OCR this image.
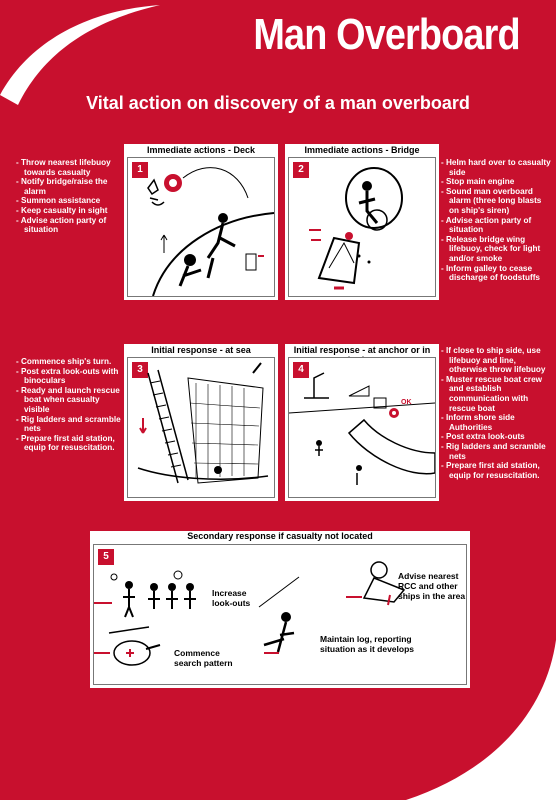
Man Overboard
Vital action on discovery of a man overboard
Immediate actions - Deck
1
- Throw nearest lifebuoy towards casualty
- Notify bridge/raise the alarm
- Summon assistance
- Keep casualty in sight
- Advise action party of situation
Immediate actions - Bridge
2
- Helm hard over to casualty side
- Stop main engine
- Sound man overboard alarm (three long blasts on ship's siren)
- Advise action party of situation
- Release bridge wing lifebuoy, check for light and/or smoke
- Inform galley to cease discharge of foodstuffs
Initial response - at sea
3
- Commence ship's turn.
- Post extra look-outs with binoculars
- Ready and launch rescue boat when casualty visible
- Rig ladders and scramble nets
- Prepare first aid station, equip for resuscitation.
Initial response - at anchor or in
4
OK
- If close to ship side, use lifebuoy and line, otherwise throw lifebuoy
- Muster rescue boat crew and establish communication with rescue boat
- Inform shore side Authorities
- Post extra look-outs
- Rig ladders and scramble nets
- Prepare first aid station, equip for resuscitation.
Secondary response if casualty not located
5
Increase look-outs
Commence search pattern
Advise nearest RCC and other ships in the area
Maintain log, reporting situation as it develops
